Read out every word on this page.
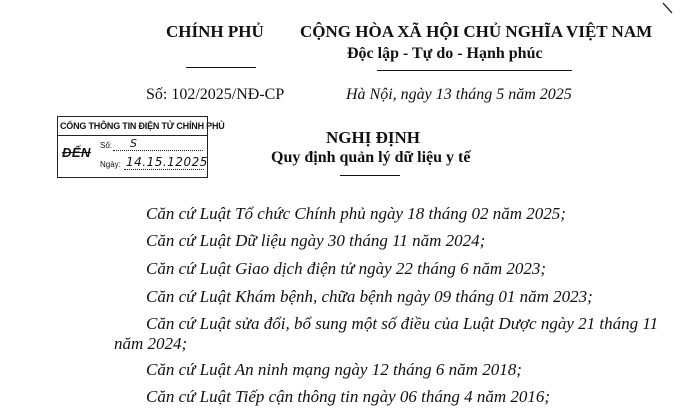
CHÍNH PHỦ CỘNG HÒA XÃ HỘI CHỦ NGHĨA VIỆT NAM
Độc lập - Tự do - Hạnh phúc
Số: 102/2025/NĐ-CP	Hà Nội, ngày 13 tháng 5 năm 2025
CỔNG THÔNG TIN ĐIỆN TỬ CHÍNH PHỦ
ĐẾN Số: S
Ngày: 14.15.12025
NGHỊ ĐỊNH
Quy định quản lý dữ liệu y tế
Căn cứ Luật Tổ chức Chính phủ ngày 18 tháng 02 năm 2025;
Căn cứ Luật Dữ liệu ngày 30 tháng 11 năm 2024;
Căn cứ Luật Giao dịch điện tử ngày 22 tháng 6 năm 2023;
Căn cứ Luật Khám bệnh, chữa bệnh ngày 09 tháng 01 năm 2023;
Căn cứ Luật sửa đổi, bổ sung một số điều của Luật Dược ngày 21 tháng 11
năm 2024;
Căn cứ Luật An ninh mạng ngày 12 tháng 6 năm 2018;
Căn cứ Luật Tiếp cận thông tin ngày 06 tháng 4 năm 2016;
